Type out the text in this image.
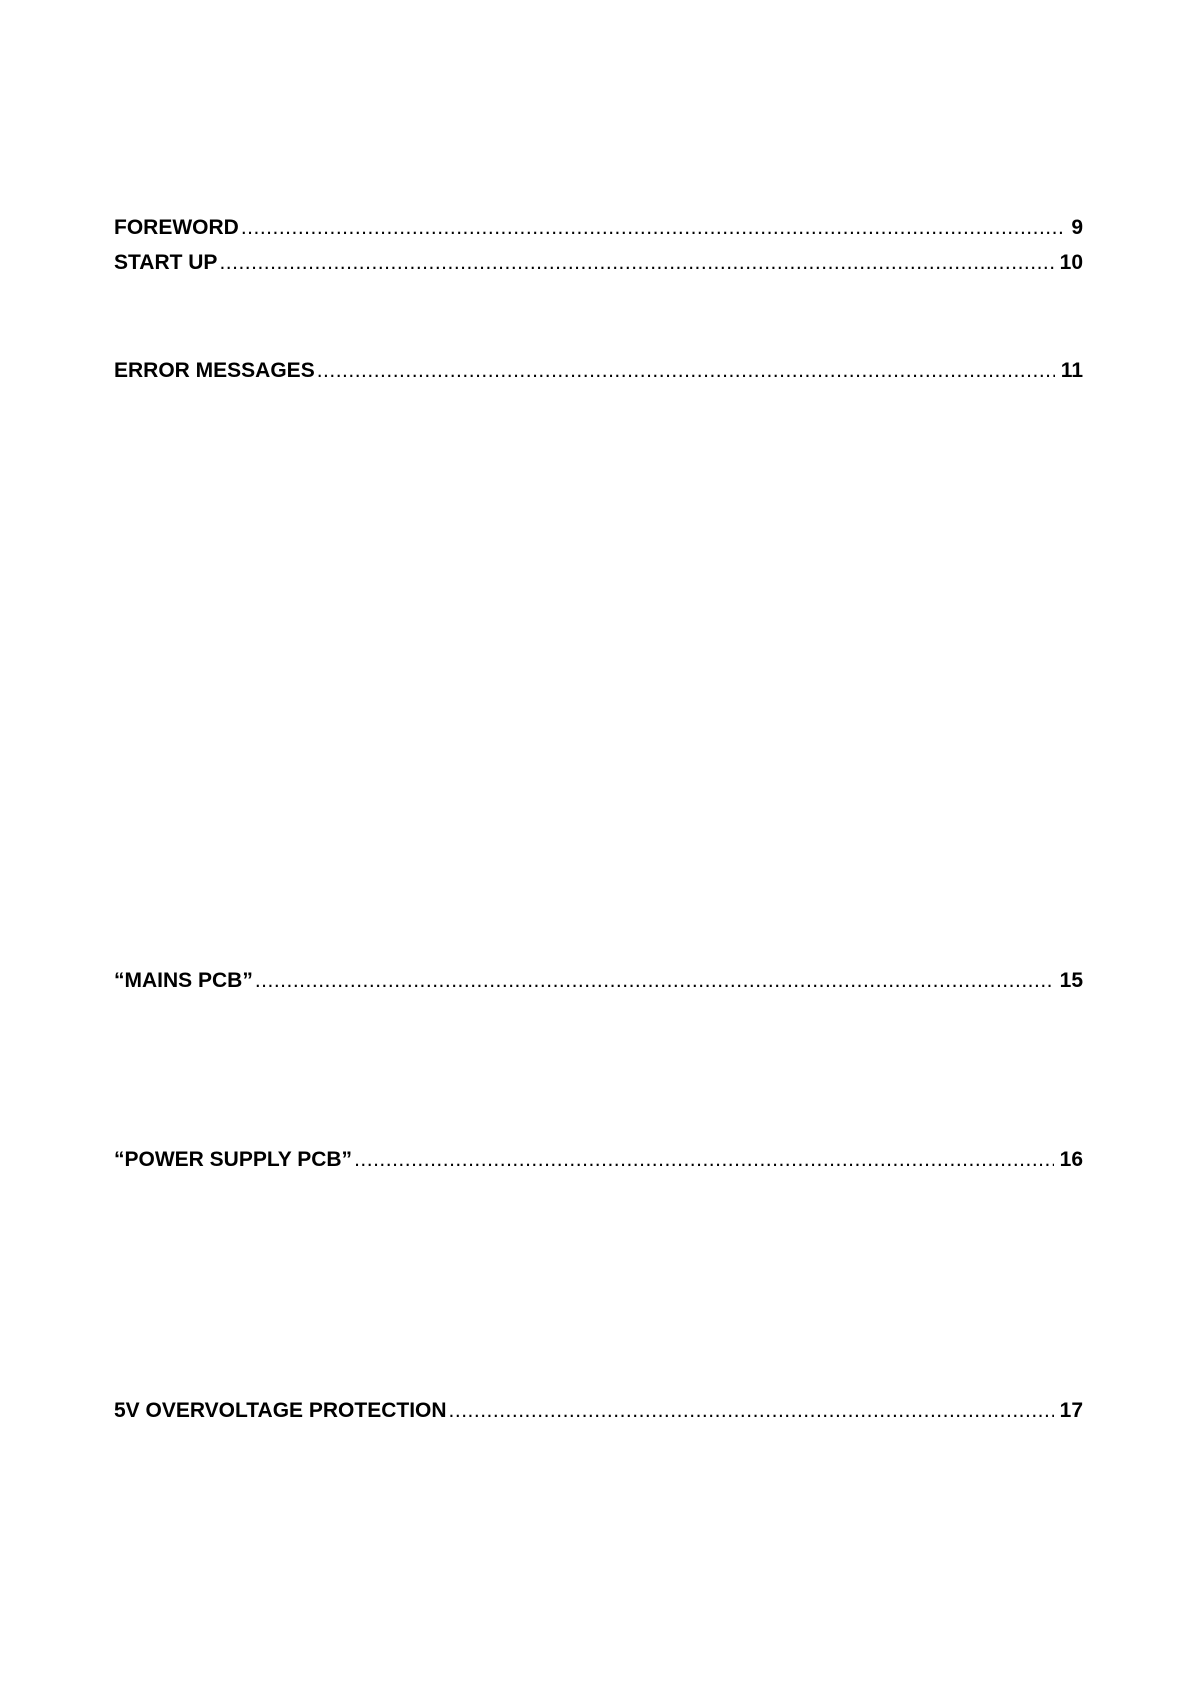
FOREWORD .....	9
START UP .....	10
ERROR MESSAGES .....	11
“MAINS PCB” .....	15
“POWER SUPPLY PCB” .....	16
5V OVERVOLTAGE PROTECTION .....	17
